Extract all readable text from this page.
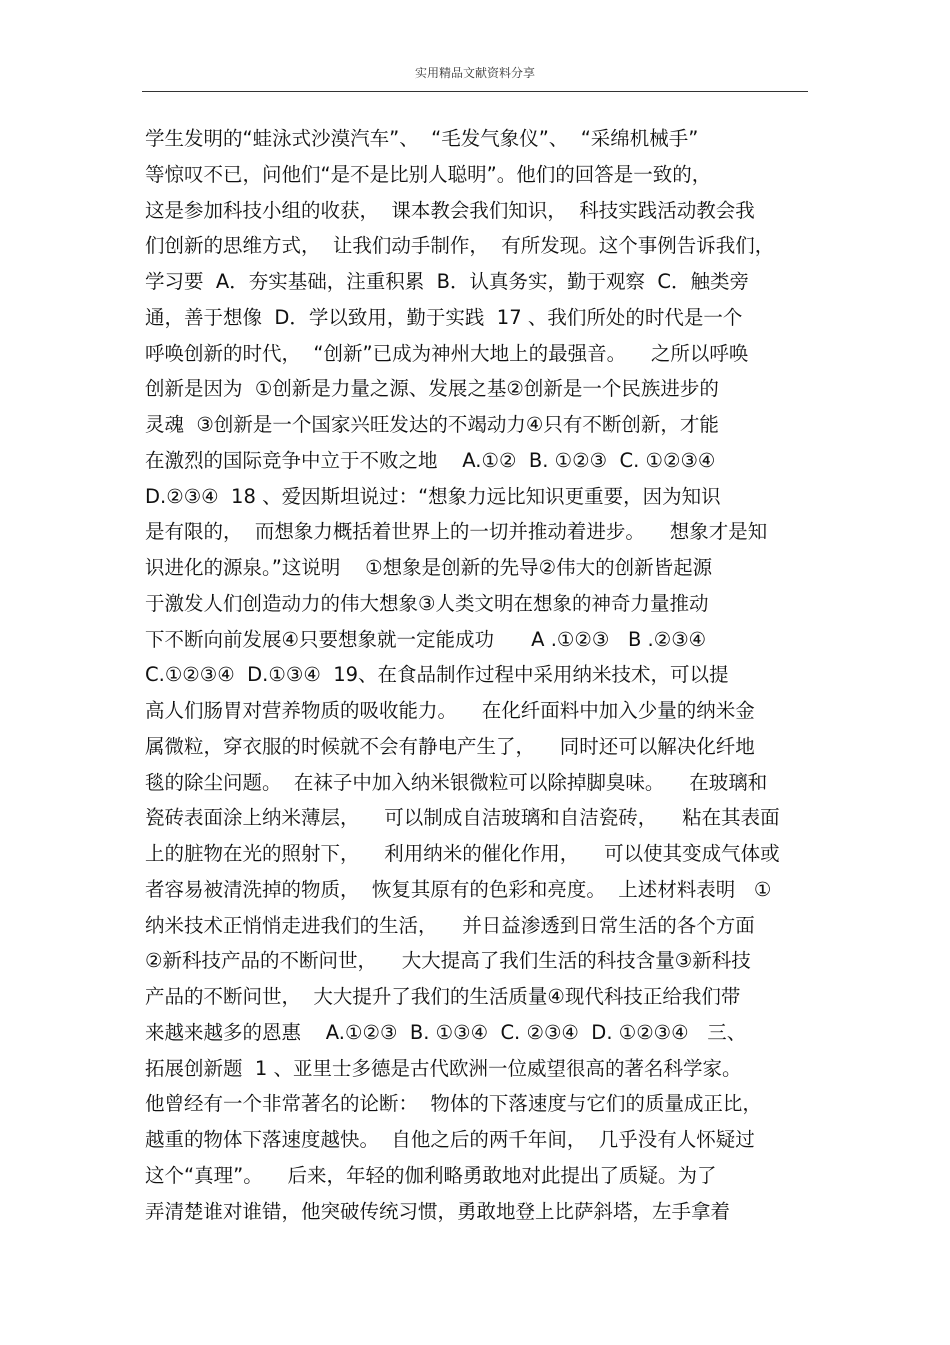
实用精品文献资料分享
学生发明的“蛙泳式沙漠汽车”、  “毛发气象仪”、  “采绵机械手”
等惊叹不已，问他们“是不是比别人聪明”。他们的回答是一致的，
这是参加科技小组的收获，  课本教会我们知识，  科技实践活动教会我
们创新的思维方式，  让我们动手制作，  有所发现。这个事例告诉我们，
学习要  A．夯实基础，注重积累  B．认真务实，勤于观察  C．触类旁
通，善于想像  D．学以致用，勤于实践  17 、我们所处的时代是一个
呼唤创新的时代，  “创新”已成为神州大地上的最强音。    之所以呼唤
创新是因为  ①创新是力量之源、发展之基②创新是一个民族进步的
灵魂  ③创新是一个国家兴旺发达的不竭动力④只有不断创新，才能
在激烈的国际竞争中立于不败之地    A.①②  B. ①②③  C. ①②③④
D.②③④  18 、爱因斯坦说过：“想象力远比知识更重要，因为知识
是有限的，  而想象力概括着世界上的一切并推动着进步。    想象才是知
识进化的源泉。”这说明    ①想象是创新的先导②伟大的创新皆起源
于激发人们创造动力的伟大想象③人类文明在想象的神奇力量推动
下不断向前发展④只要想象就一定能成功      A .①②③   B .②③④
C.①②③④  D.①③④  19、在食品制作过程中采用纳米技术，可以提
高人们肠胃对营养物质的吸收能力。    在化纤面料中加入少量的纳米金
属微粒，穿衣服的时候就不会有静电产生了，    同时还可以解决化纤地
毯的除尘问题。  在袜子中加入纳米银微粒可以除掉脚臭味。    在玻璃和
瓷砖表面涂上纳米薄层，    可以制成自洁玻璃和自洁瓷砖，    粘在其表面
上的脏物在光的照射下，    利用纳米的催化作用，    可以使其变成气体或
者容易被清洗掉的物质，  恢复其原有的色彩和亮度。  上述材料表明   ①
纳米技术正悄悄走进我们的生活，    并日益渗透到日常生活的各个方面
②新科技产品的不断问世，    大大提高了我们生活的科技含量③新科技
产品的不断问世，  大大提升了我们的生活质量④现代科技正给我们带
来越来越多的恩惠    A.①②③  B. ①③④  C. ②③④  D. ①②③④   三、
拓展创新题  1 、亚里士多德是古代欧洲一位威望很高的著名科学家。
他曾经有一个非常著名的论断：  物体的下落速度与它们的质量成正比，
越重的物体下落速度越快。  自他之后的两千年间，  几乎没有人怀疑过
这个“真理”。    后来，年轻的伽利略勇敢地对此提出了质疑。为了
弄清楚谁对谁错，他突破传统习惯，勇敢地登上比萨斜塔，左手拿着
